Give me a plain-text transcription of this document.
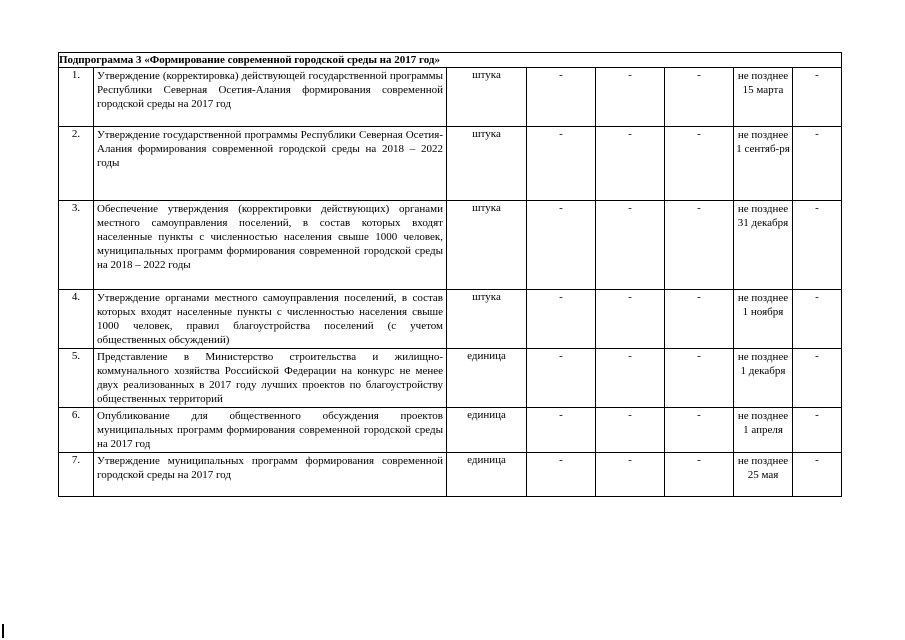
Подпрограмма 3 «Формирование современной городской среды на 2017 год»							
1.	Утверждение (корректировка) действующей государственной программы Республики Северная Осетия-Алания формирования современной городской среды на 2017 год	штука	-	-	-	не позднее 15 марта	-
2.	Утверждение государственной программы Республики Северная Осетия-Алания формирования современной городской среды на 2018 – 2022 годы	штука	-	-	-	не позднее 1 сентяб-ря	-
3.	Обеспечение утверждения (корректировки действующих) органами местного самоуправления поселений, в состав которых входят населенные пункты с численностью населения свыше 1000 человек, муниципальных программ формирования современной городской среды на 2018 – 2022 годы	штука	-	-	-	не позднее 31 декабря	-
4.	Утверждение органами местного самоуправления поселений, в состав которых входят населенные пункты с численностью населения свыше 1000 человек, правил благоустройства поселений (с учетом общественных обсуждений)	штука	-	-	-	не позднее 1 ноября	-
5.	Представление в Министерство строительства и жилищно-коммунального хозяйства Российской Федерации на конкурс не менее двух реализованных в 2017 году лучших проектов по благоустройству общественных территорий	единица	-	-	-	не позднее 1 декабря	-
6.	Опубликование для общественного обсуждения проектов муниципальных программ формирования современной городской среды на 2017 год	единица	-	-	-	не позднее 1 апреля	-
7.	Утверждение муниципальных программ формирования современной городской среды на 2017 год	единица	-	-	-	не позднее 25 мая	-
